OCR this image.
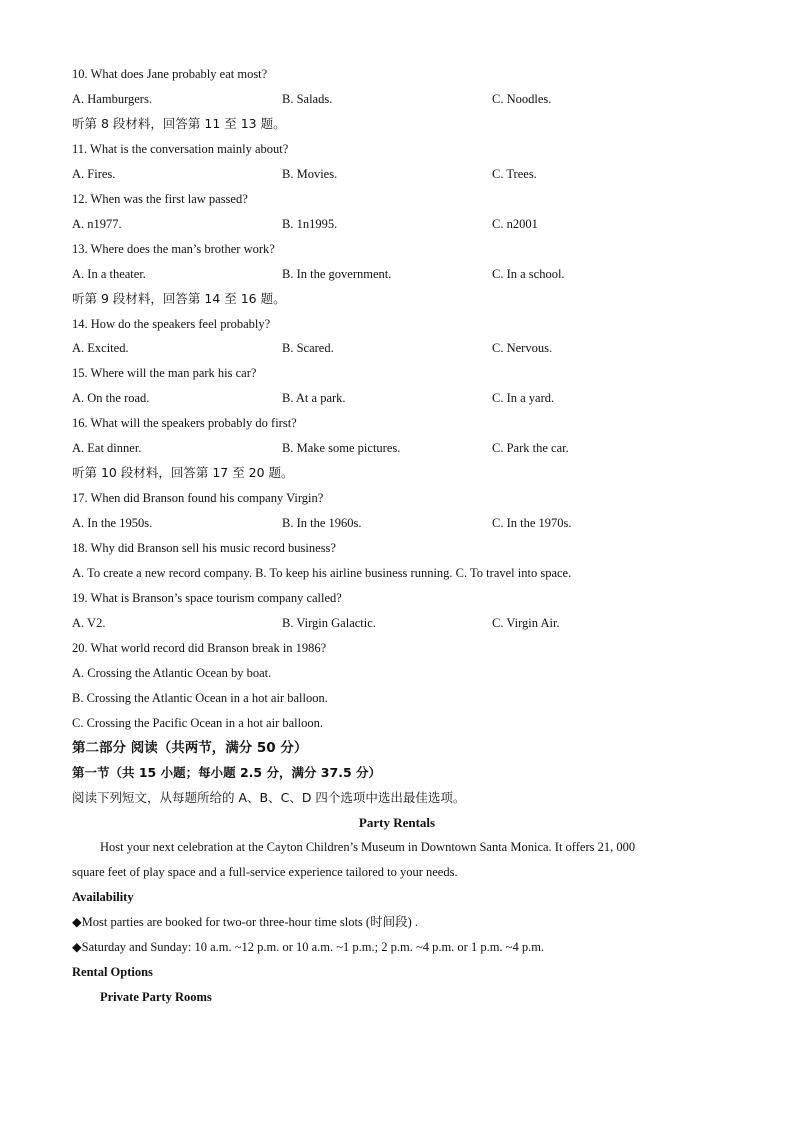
10. What does Jane probably eat most?
A. Hamburgers.	B. Salads.	C. Noodles.
听第 8 段材料，回答第 11 至 13 题。
11. What is the conversation mainly about?
A. Fires.	B. Movies.	C. Trees.
12. When was the first law passed?
A. n1977.	B. 1n1995.	C. n2001
13. Where does the man’s brother work?
A. In a theater.	B. In the government.	C. In a school.
听第 9 段材料，回答第 14 至 16 题。
14. How do the speakers feel probably?
A. Excited.	B. Scared.	C. Nervous.
15. Where will the man park his car?
A. On the road.	B. At a park.	C. In a yard.
16. What will the speakers probably do first?
A. Eat dinner.	B. Make some pictures.	C. Park the car.
听第 10 段材料，回答第 17 至 20 题。
17. When did Branson found his company Virgin?
A. In the 1950s.	B. In the 1960s.	C. In the 1970s.
18. Why did Branson sell his music record business?
A. To create a new record company. B. To keep his airline business running. C. To travel into space.
19. What is Branson’s space tourism company called?
A. V2.	B. Virgin Galactic.	C. Virgin Air.
20. What world record did Branson break in 1986?
A. Crossing the Atlantic Ocean by boat.
B. Crossing the Atlantic Ocean in a hot air balloon.
C. Crossing the Pacific Ocean in a hot air balloon.
第二部分 阅读（共两节，满分 50 分）
第一节（共 15 小题；每小题 2.5 分，满分 37.5 分）
阅读下列短文，从每题所给的 A、B、C、D 四个选项中选出最佳选项。
Party Rentals
Host your next celebration at the Cayton Children’s Museum in Downtown Santa Monica. It offers 21, 000
square feet of play space and a full-service experience tailored to your needs.
Availability
◆Most parties are booked for two-or three-hour time slots (时间段) .
◆Saturday and Sunday: 10 a.m. ~12 p.m. or 10 a.m. ~1 p.m.; 2 p.m. ~4 p.m. or 1 p.m. ~4 p.m.
Rental Options
Private Party Rooms
